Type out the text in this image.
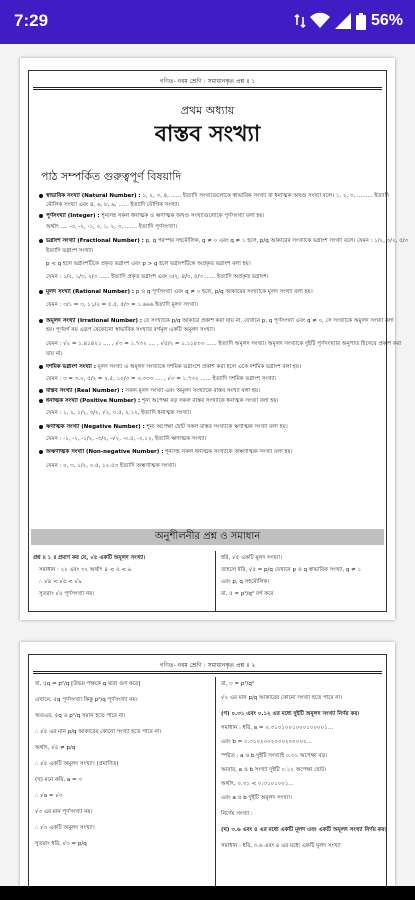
7:29	56%
গণিত- নবম শ্রেণি : সমাধানকৃত প্রশ্ন ॥ ১
প্রথম অধ্যায়
বাস্তব সংখ্যা
পাঠ সম্পর্কিত গুরুত্বপূর্ণ বিষয়াদি
স্বাভাবিক সংখ্যা (Natural Number) : ১, ২, ৩, ৪, ...... ইত্যাদি সংখ্যাগুলোকে স্বাভাবিক সংখ্যা বা ধনাত্মক অখণ্ড সংখ্যা বলে। ১, ২, ৩, ......... ইত্যাদি
মৌলিক সংখ্যা এবং ৪, ৬, ৮, ৯, ...... ইত্যাদি যৌগিক সংখ্যা।
পূর্ণসংখ্যা (Integer) : শূন্যসহ সকল ধনাত্মক ও ঋণাত্মক অখণ্ড সংখ্যাগুলোকে পূর্ণসংখ্যা বলা হয়।
অর্থাৎ .... -৩, -২, -১, ০, ১, ২, ৩, ....... ইত্যাদি পূর্ণসংখ্যা।
ভগ্নাংশ সংখ্যা (Fractional Number) : p, q পরস্পর সহমৌলিক, q ≠ ০ এবং q ≠ ১ হলে, p/q আকারের সংখ্যাকে ভগ্নাংশ সংখ্যা বলে। যেমন : ১/২, ৩/২, ৫/৩
ইত্যাদি ভগ্নাংশ সংখ্যা।
p < q হলে ভগ্নাংশটিকে প্রকৃত ভগ্নাংশ এবং p > q হলে ভগ্নাংশটিকে অপ্রকৃত ভগ্নাংশ বলা হয়।
যেমন : ১/২, ১/৩, ২/৩ ...... ইত্যাদি প্রকৃত ভগ্নাংশ এবং ৩/২, ৪/৩, ৫/৩ ...... ইত্যাদি অপ্রকৃত ভগ্নাংশ।
মূলদ সংখ্যা (Rational Number) : p ও q পূর্ণসংখ্যা এবং q ≠ ০ হলে, p/q আকারের সংখ্যাকে মূলদ সংখ্যা বলা হয়।
যেমন : ৩/১ = ৩, ১১/২ = ৫.৫, ৫/৩ = ১.৬৬৬ ইত্যাদি মূলদ সংখ্যা।
অমূলদ সংখ্যা (Irrational Number) : যে সংখ্যাকে p/q আকারে প্রকাশ করা যায় না, যেখানে p, q পূর্ণসংখ্যা এবং q ≠ ০, সে সংখ্যাকে অমূলদ সংখ্যা বলা
হয়। পূর্ণবর্গ নয় এরূপ যেকোনো স্বাভাবিক সংখ্যার বর্গমূল একটি অমূলদ সংখ্যা।
যেমন : √২ = ১.৪১৪২১ .... , √৩ = ১.৭৩২ .... , √৫/২ = ১.১১৮০৩ ...... ইত্যাদি অমূলদ সংখ্যা। অমূলদ সংখ্যাকে দুইটি পূর্ণসংখ্যার অনুপাত হিসেবে প্রকাশ করা
যায় না।
দশমিক ভগ্নাংশ সংখ্যা : মূলদ সংখ্যা ও অমূলদ সংখ্যাকে দশমিক ভগ্নাংশে প্রকাশ করা হলে একে দশমিক ভগ্নাংশ বলা হয়।
যেমন : ৩ = ৩.০, ৫/২ = ২.৫, ১০/৩ = ৩.৩৩৩ .... , √৩ = ১.৭৩২ ...... ইত্যাদি দশমিক ভগ্নাংশ সংখ্যা।
বাস্তব সংখ্যা (Real Number) : সকল মূলদ সংখ্যা এবং অমূলদ সংখ্যাকে বাস্তব সংখ্যা বলা হয়।
ধনাত্মক সংখ্যা (Positive Number) : শূন্য অপেক্ষা বড় সকল বাস্তব সংখ্যাকে ধনাত্মক সংখ্যা বলা হয়।
যেমন : ১, ২, ১/২, ৩/২, √২, ০.৫, ২.১২, ইত্যাদি ধনাত্মক সংখ্যা।
ঋণাত্মক সংখ্যা (Negative Number) : শূন্য অপেক্ষা ছোট সকল বাস্তব সংখ্যাকে ঋণাত্মক সংখ্যা বলা হয়।
যেমন : -১, -২, -১/২, -৩/২, -√২, -০.৫, -২.১২, ইত্যাদি ঋণাত্মক সংখ্যা।
অঋণাত্মক সংখ্যা (Non-negative Number) : শূন্যসহ সকল ধনাত্মক সংখ্যাকে অঋণাত্মক সংখ্যা বলা হয়।
যেমন : ০, ৩, ১/২, ০.৫, ১২.৫৩ ইত্যাদি অঋণাত্মক সংখ্যা।
অনুশীলনীর প্রশ্ন ও সমাধান
প্রশ্ন ॥ ১ ॥ প্রমাণ কর যে, √৫ একটি অমূলদ সংখ্যা।
সমাধান : ২২ এবং ৩২ অর্থাৎ ৪ < ৫ < ৯
∴ √৪ < √৫ < √৯
সুতরাং √৫ পূর্ণসংখ্যা নয়।
ধরি, √৫ একটি মূলদ সংখ্যা।
তাহলে ধরি, √৫ = p/q যেখানে p ও q স্বাভাবিক সংখ্যা, q ≠ ১
এবং p, q সহমৌলিক।
বা, ৫ = p²/q² বর্গ করে
গণিত- নবম শ্রেণি : সমাধানকৃত প্রশ্ন ॥ ২
বা, ৫q = p²/q [উভয় পক্ষকে q দ্বারা গুণ করে]
এখানে, ৫q পূর্ণসংখ্যা কিন্তু p²/q পূর্ণসংখ্যা নয়।
অতএব, ৫q ও p²/q সমান হতে পারে না।
∴ √৫ এর মান p/q আকারের কোনো সংখ্যা হতে পারে না।
অর্থাৎ, √৫ ≠ p/q
∴ √৫ একটি অমূলদ সংখ্যা। (প্রমাণিত)
(খ) মনে করি, a = ৩
∴ √a = √৩
√৩ এর মান পূর্ণসংখ্যা নয়।
∴ √৩ একটি অমূলদ সংখ্যা।
সুতরাং ধরি, √৩ = p/q
বা, ৩ = p²/q²
√২ এর মান p/q আকারের কোনো সংখ্যা হতে পারে না।
(গ) ০.৩১ এবং ০.১২ এর মধ্যে দুইটি অমূলদ সংখ্যা নির্ণয় কর।
সমাধান : ধরি, a = ০.৩১০১০০১০০০১০০০০১...
এবং b = ০.৩১০২০০২০০০২০০০০২...
স্পষ্টত : a ও b দুইটি সংখ্যাই ০.৩১ অপেক্ষা বড়।
আবার, a ও b সংখ্যা দুইটি ০.১২ অপেক্ষা ছোট।
অর্থাৎ, ০.৩১ < ০.৩১০১০০১...
এবং a ও b দুইটি অমূলদ সংখ্যা।
নির্ণেয় সংখ্যা :
(ঘ) ৩.৬ এবং ৪ এর মধ্যে একটি মূলদ এবং একটি অমূলদ সংখ্যা নির্ণয় কর।
সমাধান : ধরি, ৩.৬ এবং ৪ এর মধ্যে একটি মূলদ সংখ্যা
